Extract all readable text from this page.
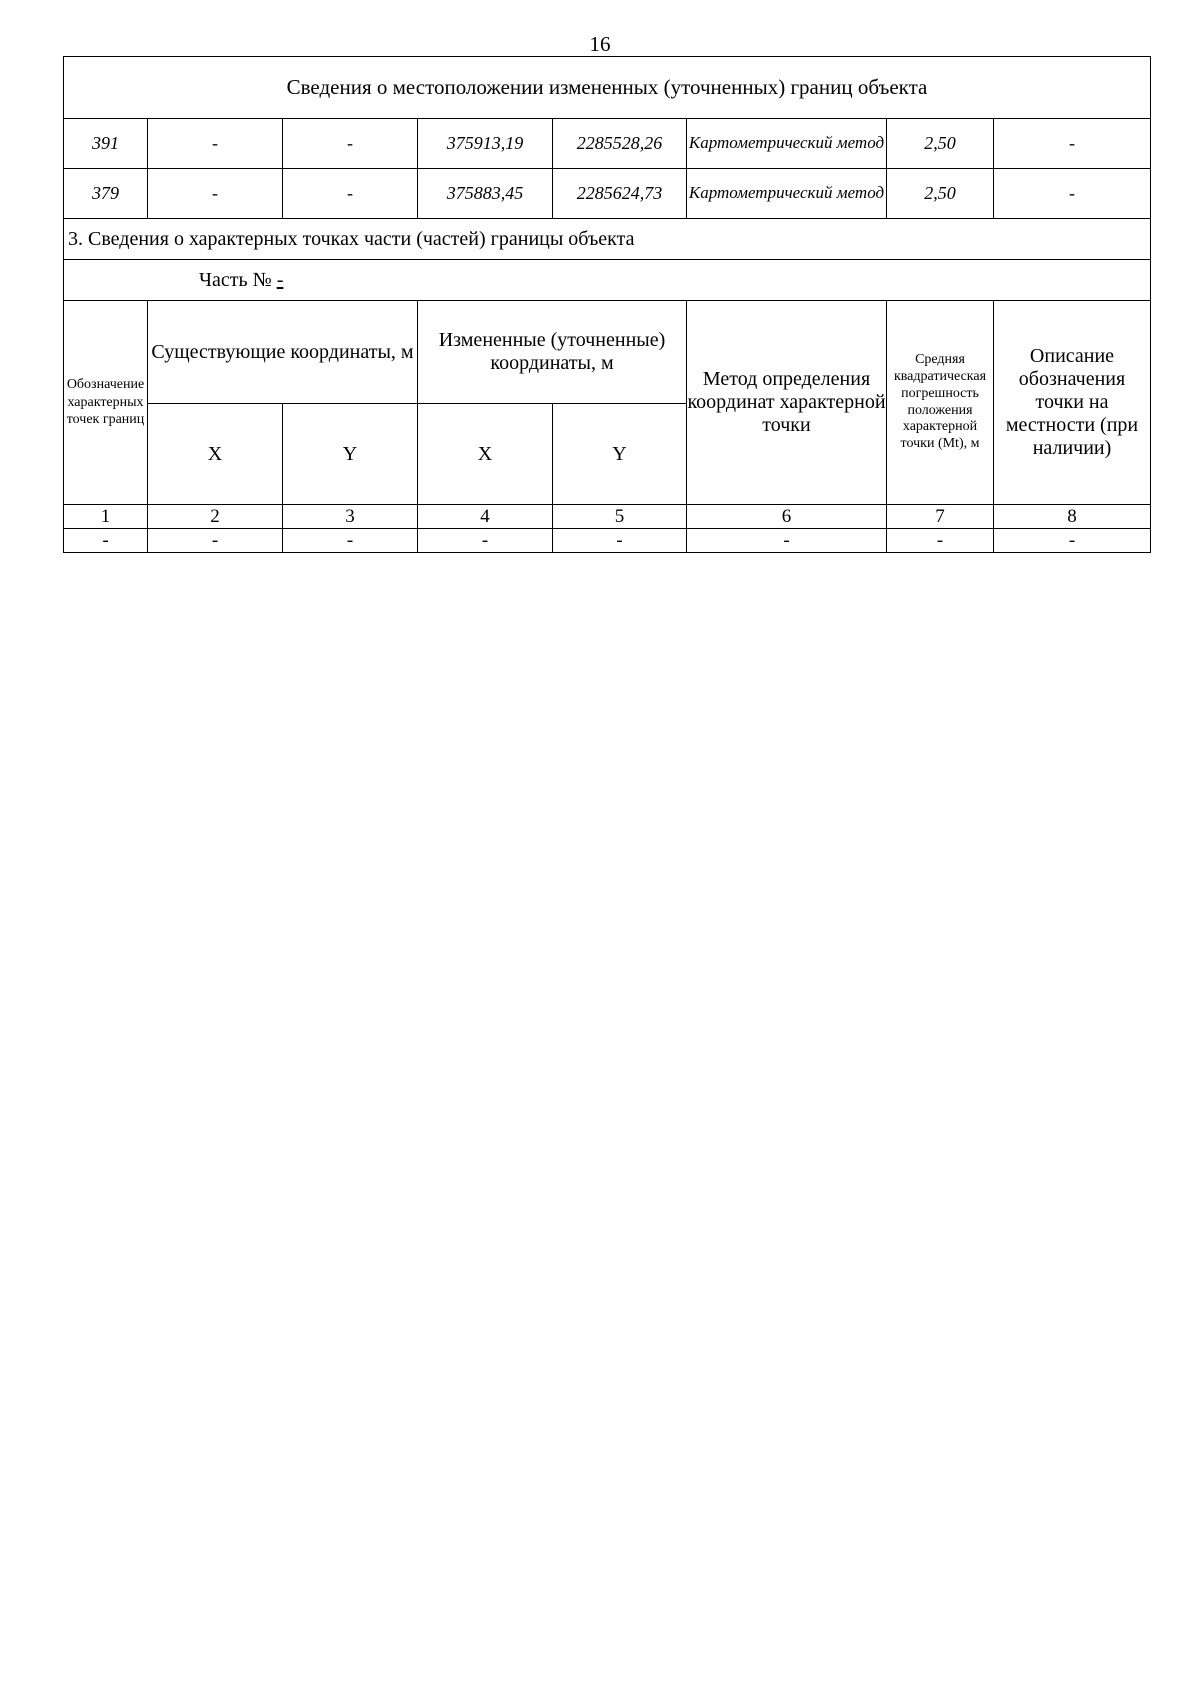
16
Сведения о местоположении измененных (уточненных) границ объекта							
391	-	-	375913,19	2285528,26	Картометрический метод	2,50	-
379	-	-	375883,45	2285624,73	Картометрический метод	2,50	-
3. Сведения о характерных точках части (частей) границы объекта							
Часть № -							
Обозначение характерных точек границ	Существующие координаты, м		Измененные (уточненные) координаты, м		Метод определения координат характерной точки	Средняя квадратическая погрешность положения характерной точки (Mt), м	Описание обозначения точки на местности (при наличии)
	X	Y	X	Y			
1	2	3	4	5	6	7	8
-	-	-	-	-	-	-	-
